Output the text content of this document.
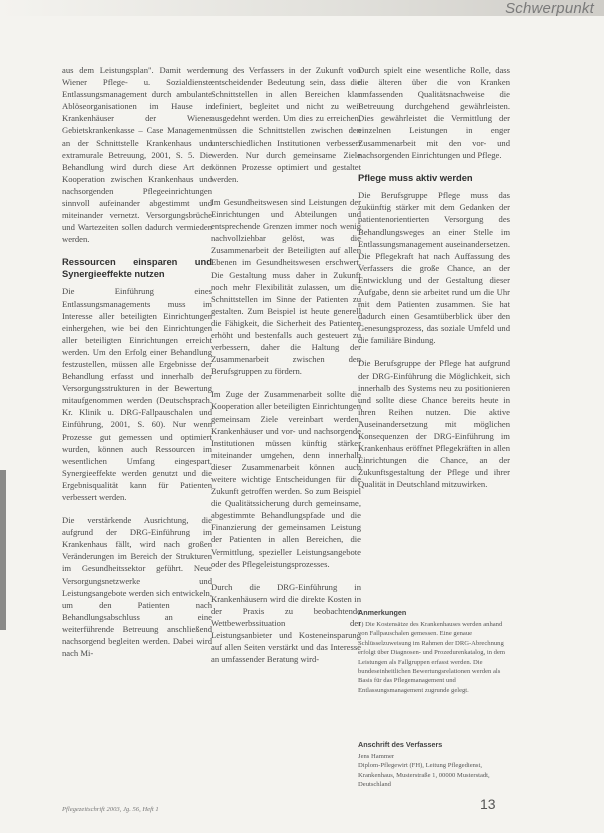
Schwerpunkt

aus dem Leistungsplan". Damit werden Wiener Pflege- u. Sozialdienste Entlassungsmanagement durch ambulante Ablöseorganisationen im Hause in Krankenhäuser der Wiener Gebietskrankenkasse – Case Management an der Schnittstelle Krankenhaus und extramurale Betreuung, 2001, S. 5. Die Behandlung wird durch diese Art der Kooperation zwischen Krankenhaus und nachsorgenden Pflegeeinrichtungen sinnvoll aufeinander abgestimmt und miteinander vernetzt. Versorgungsbrüche und Wartezeiten sollen dadurch vermieden werden.

Ressourcen einsparen und Synergieeffekte nutzen

Die Einführung eines Entlassungsmanagements muss im Interesse aller beteiligten Einrichtungen einhergehen, wie bei den Einrichtungen aller beteiligten Einrichtungen erreicht werden. Um den Erfolg einer Behandlung festzustellen, müssen alle Ergebnisse der Behandlung erfasst und innerhalb der Versorgungsstrukturen in der Bewertung mitaufgenommen werden (Deutschsprach. Kr. Klinik u. DRG-Fallpauschalen und Einführung, 2001, S. 60). Nur wenn Prozesse gut gemessen und optimiert wurden, können auch Ressourcen im wesentlichen Umfang eingespart, Synergieeffekte werden genutzt und die Ergebnisqualität kann für Patienten verbessert werden.

Die verstärkende Ausrichtung, die aufgrund der DRG-Einführung im Krankenhaus fällt, wird nach großen Veränderungen im Bereich der Strukturen im Gesundheitssektor geführt. Neue Versorgungsnetzwerke und Leistungsangebote werden sich entwickeln, um den Patienten nach Behandlungsabschluss an eine weiterführende Betreuung anschließend nachsorgend begleiten werden. Dabei wird nach Mi-

nung des Verfassers in der Zukunft von entscheidender Bedeutung sein, dass die Schnittstellen in allen Bereichen klar definiert, begleitet und nicht zu weit ausgedehnt werden. Um dies zu erreichen, müssen die Schnittstellen zwischen den unterschiedlichen Institutionen verbessert werden. Nur durch gemeinsame Ziele können Prozesse optimiert und gestaltet werden.

Im Gesundheitswesen sind Leistungen der Einrichtungen und Abteilungen und entsprechende Grenzen immer noch wenig nachvollziehbar gelöst, was die Zusammenarbeit der Beteiligten auf allen Ebenen im Gesundheitswesen erschwert. Die Gestaltung muss daher in Zukunft noch mehr Flexibilität zulassen, um die Schnittstellen im Sinne der Patienten zu gestalten. Zum Beispiel ist heute generell die Fähigkeit, die Sicherheit des Patienten erhöht und bestenfalls auch gesteuert zu verbessern, daher die Haltung der Zusammenarbeit zwischen den Berufsgruppen zu fördern.

Im Zuge der Zusammenarbeit sollte die Kooperation aller beteiligten Einrichtungen gemeinsam Ziele vereinbart werden, Krankenhäuser und vor- und nachsorgende Institutionen müssen künftig stärker miteinander umgehen, denn innerhalb dieser Zusammenarbeit können auch weitere wichtige Entscheidungen für die Zukunft getroffen werden. So zum Beispiel die Qualitätssicherung durch gemeinsame, abgestimmte Behandlungspfade und die Finanzierung der gemeinsamen Leistung der Patienten in allen Bereichen, die Vermittlung, spezieller Leistungsangebote oder des Pflegeleistungsprozesses.

Durch die DRG-Einführung in Krankenhäusern wird die direkte Kosten in der Praxis zu beobachtende Wettbewerbssituation der Leistungsanbieter und Kosteneinsparung auf allen Seiten verstärkt und das Interesse an umfassender Beratung wird-

Durch spielt eine wesentliche Rolle, dass die älteren über die von Kranken umfassenden Qualitätsnachweise die Betreuung durchgehend gewährleisten. Dies gewährleistet die Vermittlung der einzelnen Leistungen in enger Zusammenarbeit mit den vor- und nachsorgenden Einrichtungen und Pflege.

Pflege muss aktiv werden

Die Berufsgruppe Pflege muss das zukünftig stärker mit dem Gedanken der patientenorientierten Versorgung des Behandlungsweges an einer Stelle im Entlassungsmanagement auseinandersetzen. Die Pflegekraft hat nach Auffassung des Verfassers die große Chance, an der Entwicklung und der Gestaltung dieser Aufgabe, denn sie arbeitet rund um die Uhr mit dem Patienten zusammen. Sie hat dadurch einen Gesamtüberblick über den Genesungsprozess, das soziale Umfeld und die familiäre Bindung.

Die Berufsgruppe der Pflege hat aufgrund der DRG-Einführung die Möglichkeit, sich innerhalb des Systems neu zu positionieren und sollte diese Chance bereits heute in ihren Reihen nutzen. Die aktive Auseinandersetzung mit möglichen Konsequenzen der DRG-Einführung im Krankenhaus eröffnet Pflegekräften in allen Einrichtungen die Chance, an der Zukunftsgestaltung der Pflege und ihrer Qualität in Deutschland mitzuwirken.

Anmerkungen
1) Die Kostensätze des Krankenhauses werden anhand von Fallpauschalen gemessen. Eine genaue Schlüsselzuweisung im Rahmen der DRG-Abrechnung erfolgt über Diagnosen- und Prozedurenkatalog, in dem Leistungen als Fallgruppen erfasst werden. Die bundeseinheitlichen Bewertungsrelationen werden als Basis für das Pflegemanagement und Entlassungsmanagement zugrunde gelegt.
Anschrift des Verfassers
Jens Hammer
Diplom-Pflegewirt (FH), Leitung Pflegedienst, Krankenhaus, Musterstraße 1, 00000 Musterstadt, Deutschland
Pflegezeitschrift 2003, Jg. 56, Heft 1	13
